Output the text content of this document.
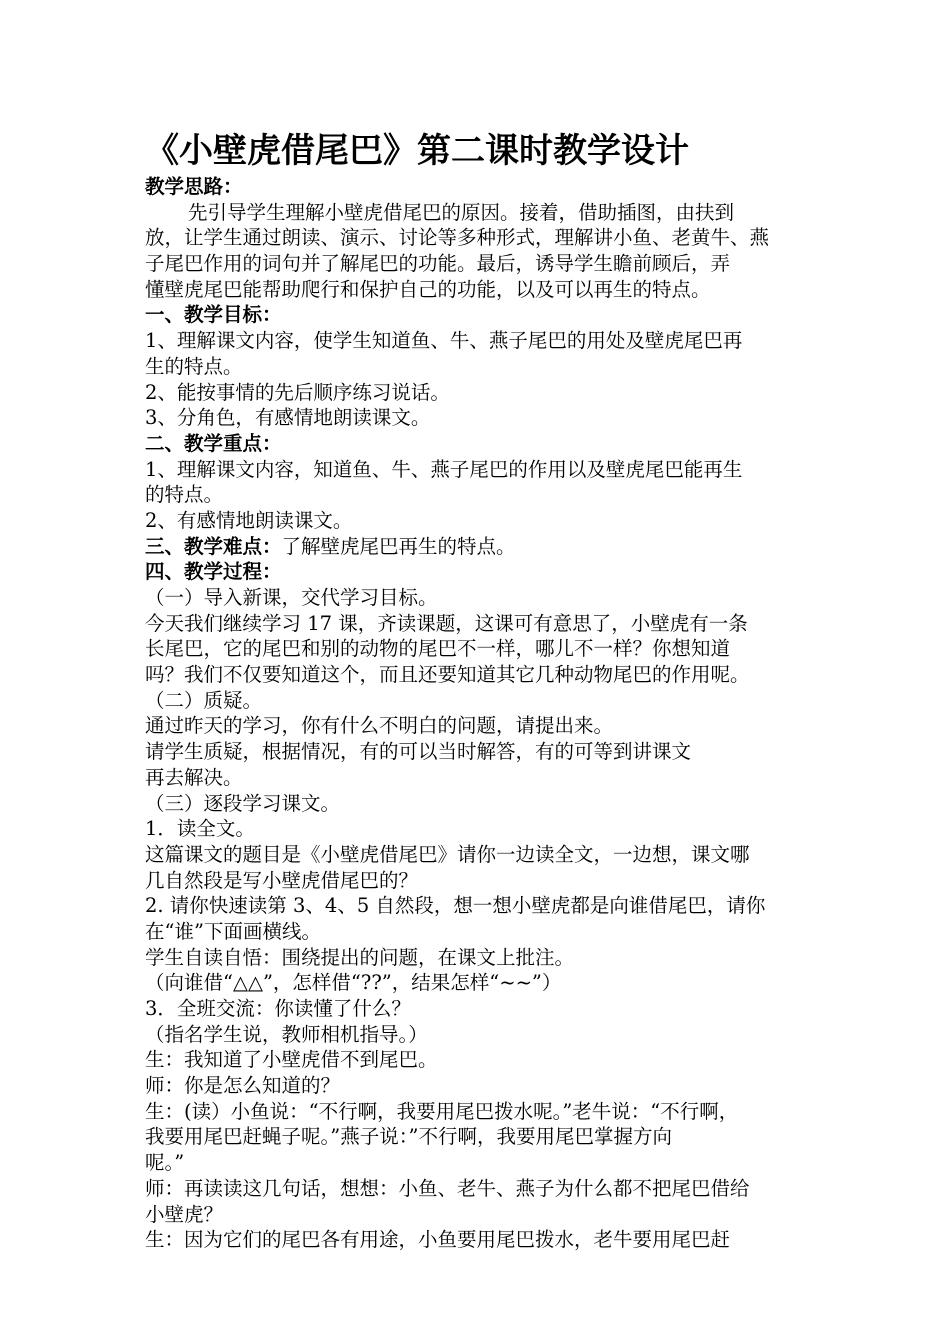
《小壁虎借尾巴》第二课时教学设计
教学思路：
先引导学生理解小壁虎借尾巴的原因。接着，借助插图，由扶到
放，让学生通过朗读、演示、讨论等多种形式，理解讲小鱼、老黄牛、燕
子尾巴作用的词句并了解尾巴的功能。最后，诱导学生瞻前顾后，弄
懂壁虎尾巴能帮助爬行和保护自己的功能，以及可以再生的特点。
一、教学目标：
1、理解课文内容，使学生知道鱼、牛、燕子尾巴的用处及壁虎尾巴再
生的特点。
2、能按事情的先后顺序练习说话。
3、分角色，有感情地朗读课文。
二、教学重点：
1、理解课文内容，知道鱼、牛、燕子尾巴的作用以及壁虎尾巴能再生
的特点。
2、有感情地朗读课文。
三、教学难点：了解壁虎尾巴再生的特点。
四、教学过程：
（一）导入新课，交代学习目标。
今天我们继续学习 17 课，齐读课题，这课可有意思了，小壁虎有一条
长尾巴，它的尾巴和别的动物的尾巴不一样，哪儿不一样？你想知道
吗？我们不仅要知道这个，而且还要知道其它几种动物尾巴的作用呢。
（二）质疑。
通过昨天的学习，你有什么不明白的问题，请提出来。
请学生质疑，根据情况，有的可以当时解答，有的可等到讲课文
再去解决。
（三）逐段学习课文。
1．读全文。
这篇课文的题目是《小壁虎借尾巴》请你一边读全文，一边想，课文哪
几自然段是写小壁虎借尾巴的？
2. 请你快速读第 3、4、5 自然段，想一想小壁虎都是向谁借尾巴，请你
在“谁”下面画横线。
学生自读自悟：围绕提出的问题，在课文上批注。
（向谁借“△△”，怎样借“??”，结果怎样“~~”）
3．全班交流：你读懂了什么？
（指名学生说，教师相机指导。）
生：我知道了小壁虎借不到尾巴。
师：你是怎么知道的？
生：(读）小鱼说：“不行啊，我要用尾巴拨水呢。”老牛说：“不行啊，
我要用尾巴赶蝇子呢。”燕子说：”不行啊，我要用尾巴掌握方向
呢。”
师：再读读这几句话，想想：小鱼、老牛、燕子为什么都不把尾巴借给
小壁虎？
生：因为它们的尾巴各有用途，小鱼要用尾巴拨水，老牛要用尾巴赶
